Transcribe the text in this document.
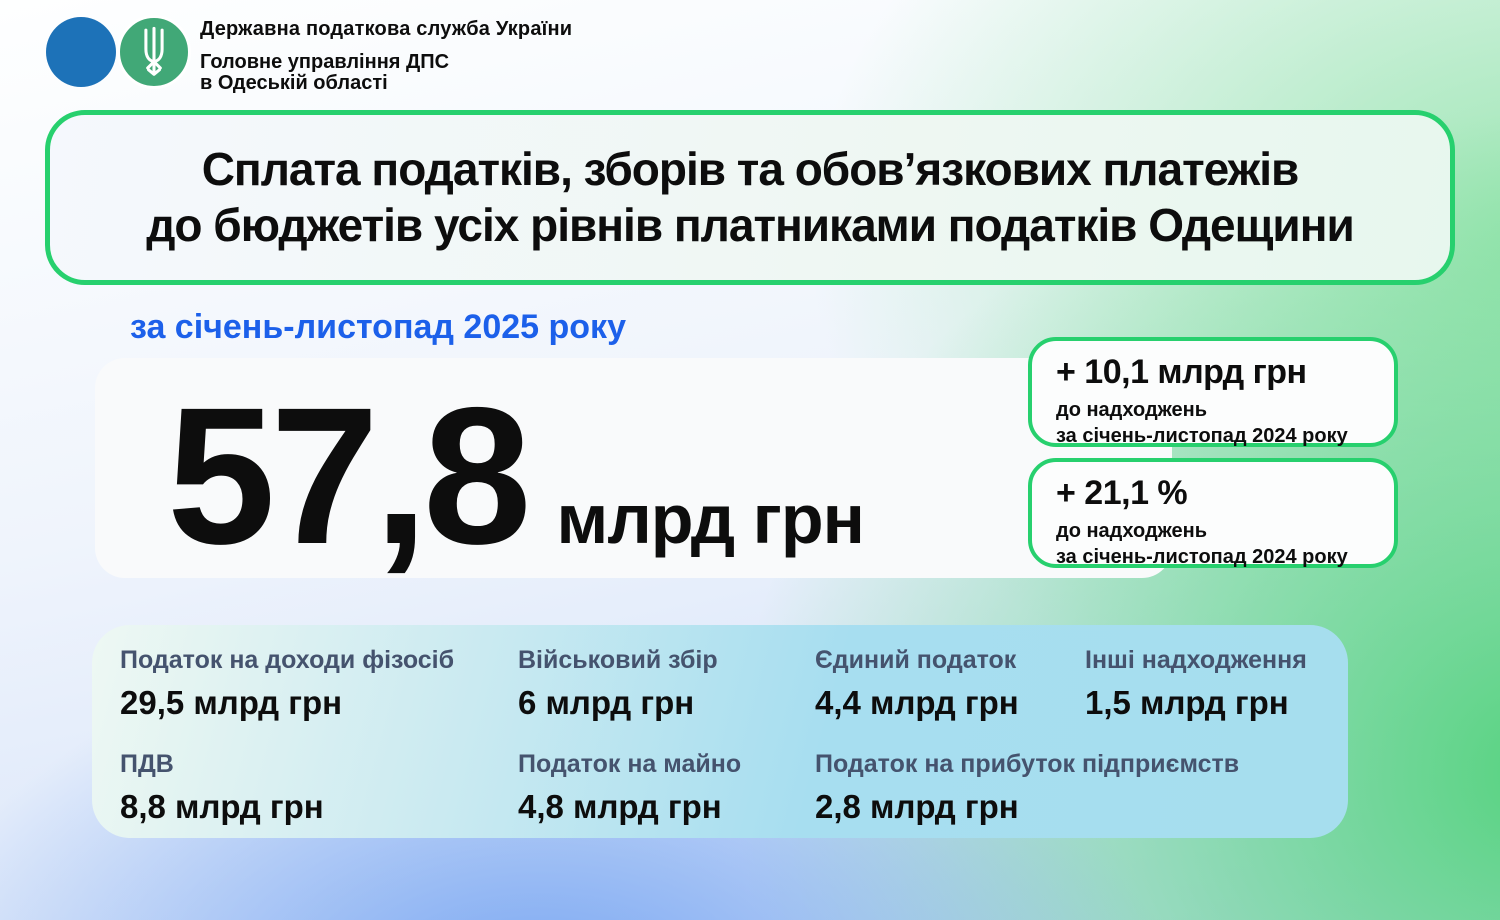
Державна податкова служба України
Головне управління ДПС
в Одеській області
Сплата податків, зборів та обов’язкових платежів
до бюджетів усіх рівнів платниками податків Одещини
за січень-листопад 2025 року
57,8 млрд грн
+ 10,1 млрд грн
до надходжень
за січень-листопад 2024 року
+ 21,1 %
до надходжень
за січень-листопад 2024 року
Податок на доходи фізосіб
29,5 млрд грн
Військовий збір
6 млрд грн
Єдиний податок
4,4 млрд грн
Інші надходження
1,5 млрд грн
ПДВ
8,8 млрд грн
Податок на майно
4,8 млрд грн
Податок на прибуток підприємств
2,8 млрд грн
